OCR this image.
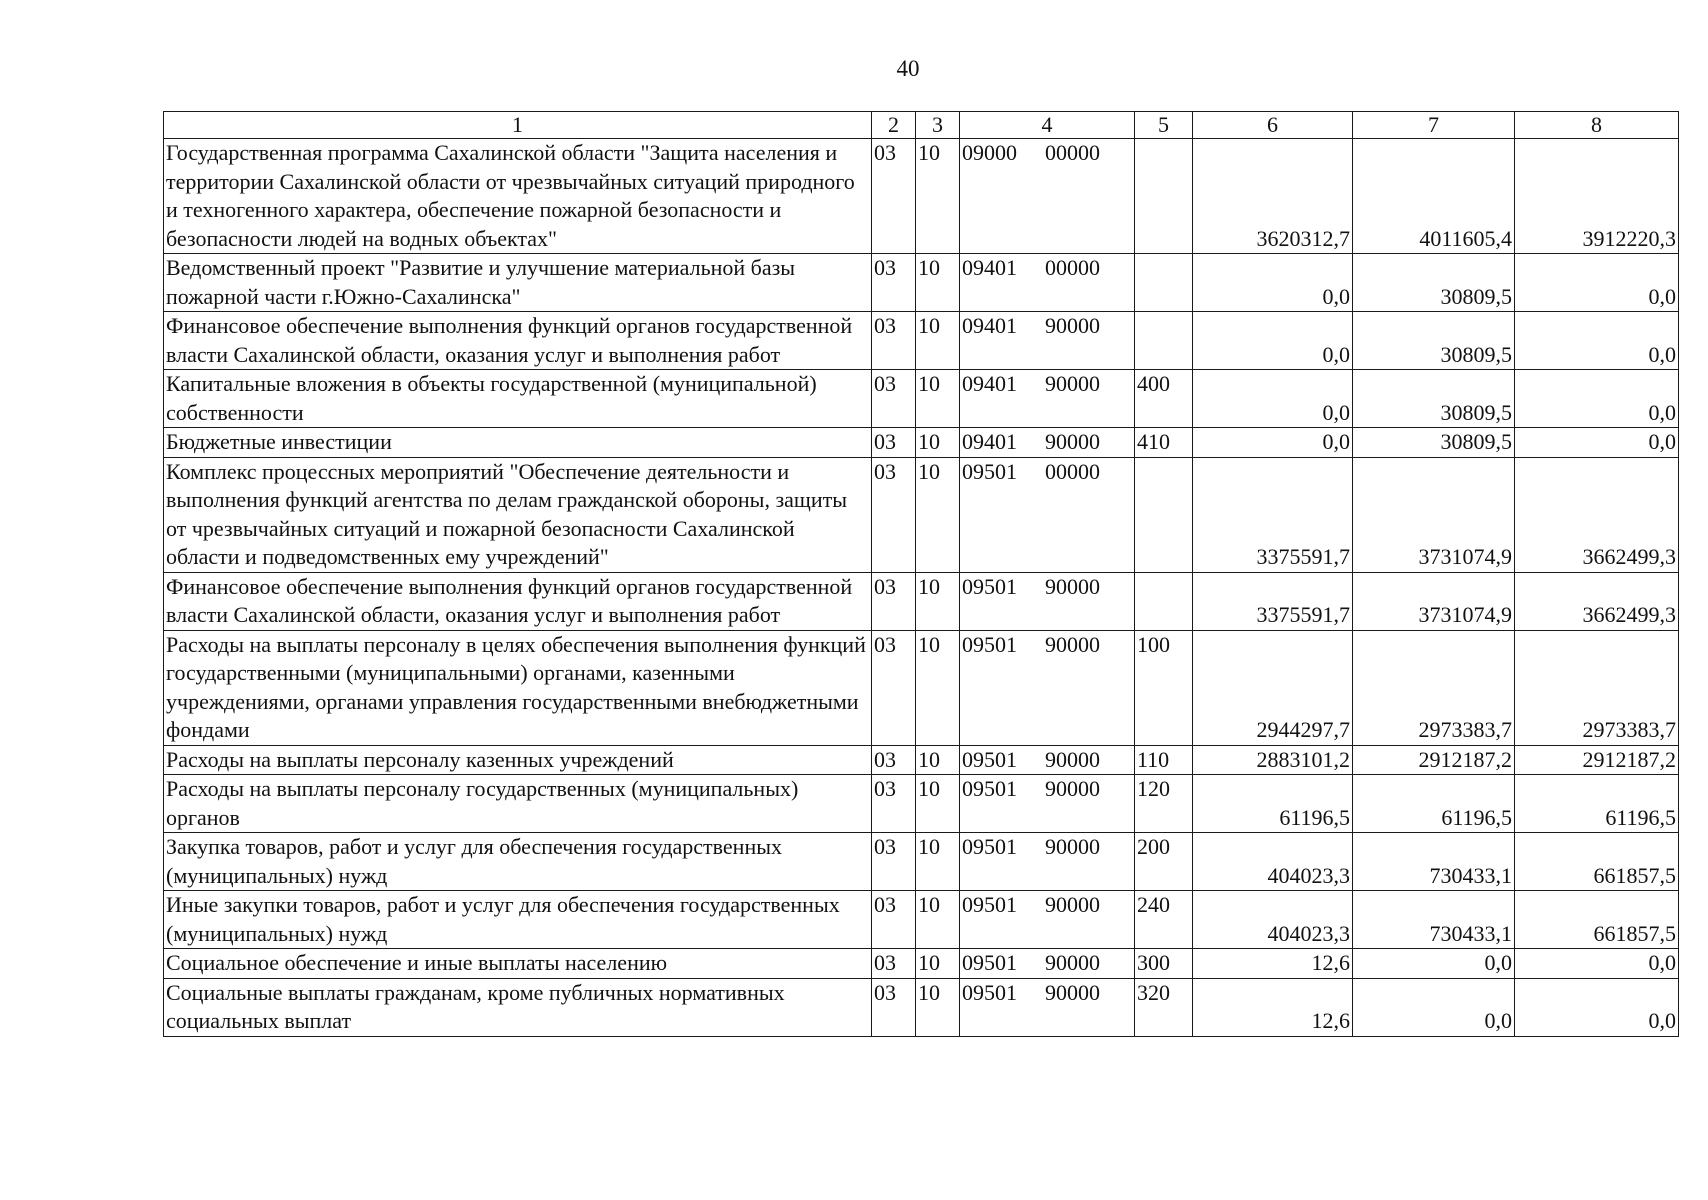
40
1	2	3	4	5	6	7	8
Государственная программа Сахалинской области "Защита населения и территории Сахалинской области от чрезвычайных ситуаций природного и техногенного характера, обеспечение пожарной безопасности и безопасности людей на водных объектах"	03	10	09000 00000		3620312,7	4011605,4	3912220,3
Ведомственный проект "Развитие и улучшение материальной базы пожарной части г.Южно-Сахалинска"	03	10	09401 00000		0,0	30809,5	0,0
Финансовое обеспечение выполнения функций органов государственной власти Сахалинской области, оказания услуг и выполнения работ	03	10	09401 90000		0,0	30809,5	0,0
Капитальные вложения в объекты государственной (муниципальной) собственности	03	10	09401 90000	400	0,0	30809,5	0,0
Бюджетные инвестиции	03	10	09401 90000	410	0,0	30809,5	0,0
Комплекс процессных мероприятий "Обеспечение деятельности и выполнения функций агентства по делам гражданской обороны, защиты от чрезвычайных ситуаций и пожарной безопасности Сахалинской области и подведомственных ему учреждений"	03	10	09501 00000		3375591,7	3731074,9	3662499,3
Финансовое обеспечение выполнения функций органов государственной власти Сахалинской области, оказания услуг и выполнения работ	03	10	09501 90000		3375591,7	3731074,9	3662499,3
Расходы на выплаты персоналу в целях обеспечения выполнения функций государственными (муниципальными) органами, казенными учреждениями, органами управления государственными внебюджетными фондами	03	10	09501 90000	100	2944297,7	2973383,7	2973383,7
Расходы на выплаты персоналу казенных учреждений	03	10	09501 90000	110	2883101,2	2912187,2	2912187,2
Расходы на выплаты персоналу государственных (муниципальных) органов	03	10	09501 90000	120	61196,5	61196,5	61196,5
Закупка товаров, работ и услуг для обеспечения государственных (муниципальных) нужд	03	10	09501 90000	200	404023,3	730433,1	661857,5
Иные закупки товаров, работ и услуг для обеспечения государственных (муниципальных) нужд	03	10	09501 90000	240	404023,3	730433,1	661857,5
Социальное обеспечение и иные выплаты населению	03	10	09501 90000	300	12,6	0,0	0,0
Социальные выплаты гражданам, кроме публичных нормативных социальных выплат	03	10	09501 90000	320	12,6	0,0	0,0
